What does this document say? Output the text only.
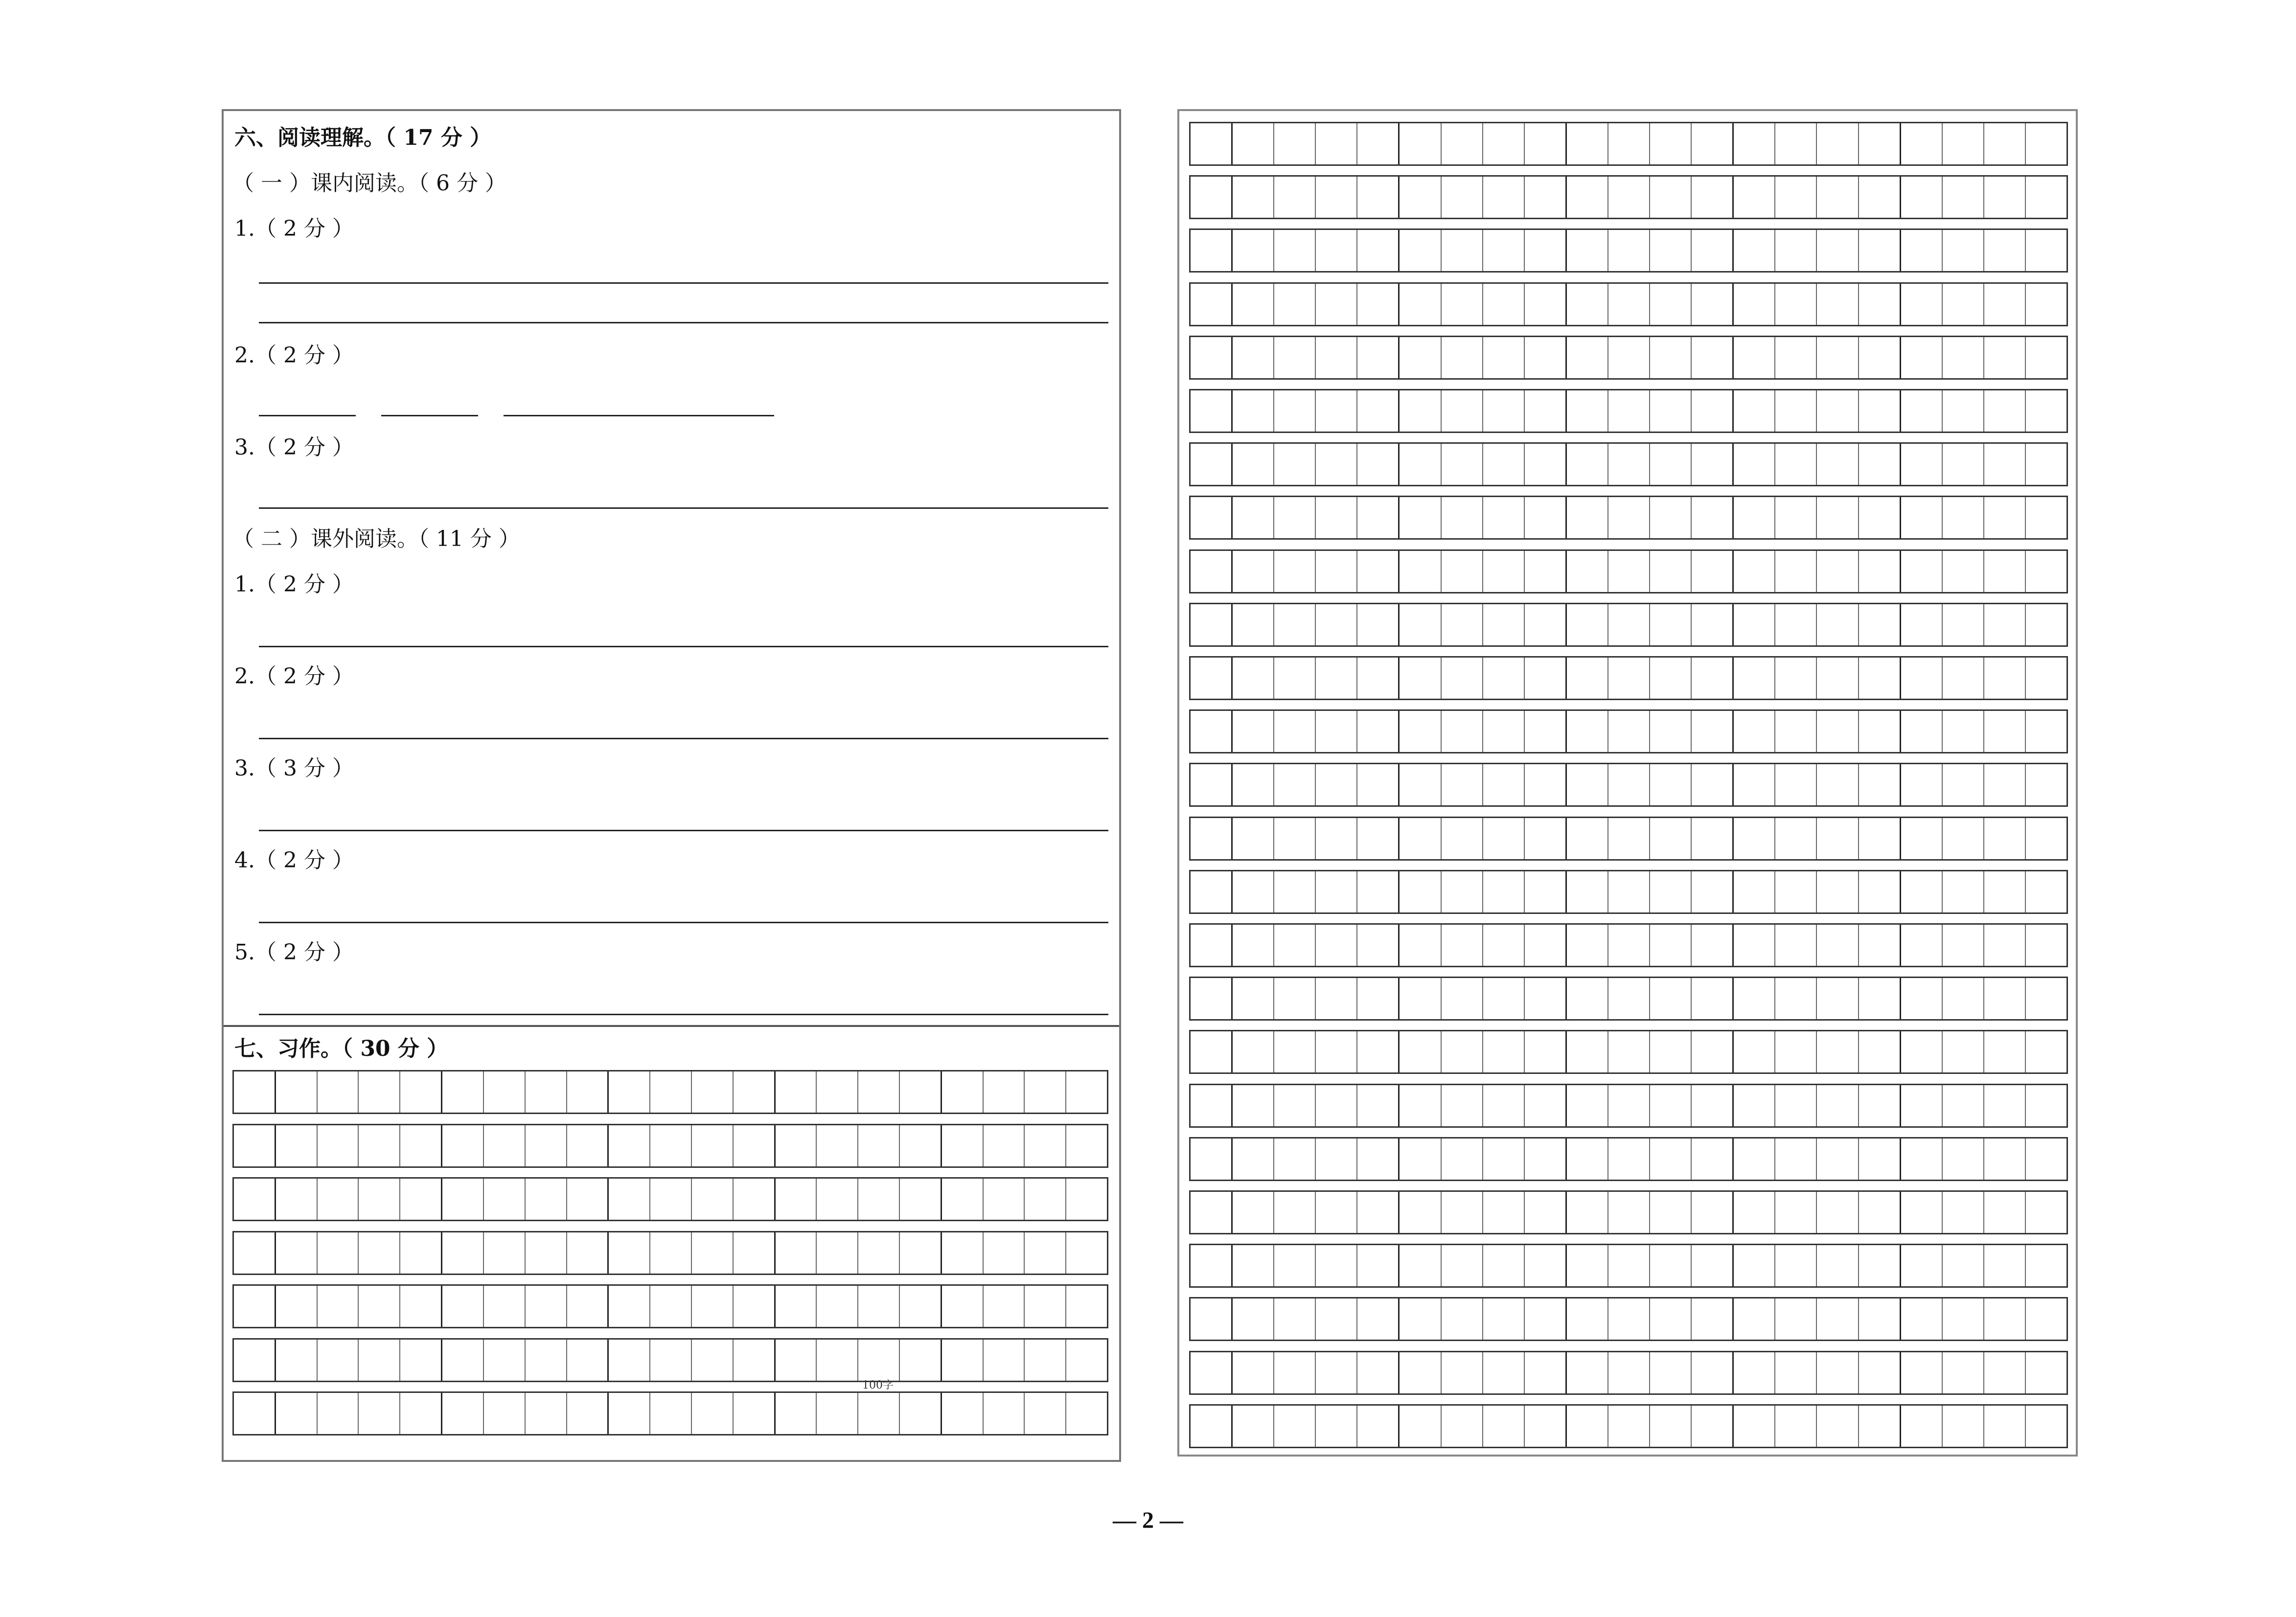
六、阅读理解。（ 17 分 ）
（ 一 ）课内阅读。（ 6 分 ）
1.（ 2 分 ）
2.（ 2 分 ）
3.（ 2 分 ）
（ 二 ）课外阅读。（ 11 分 ）
1.（ 2 分 ）
2.（ 2 分 ）
3.（ 3 分 ）
4.（ 2 分 ）
5.（ 2 分 ）
七、习作。（ 30 分 ）
100字
— 2 —
